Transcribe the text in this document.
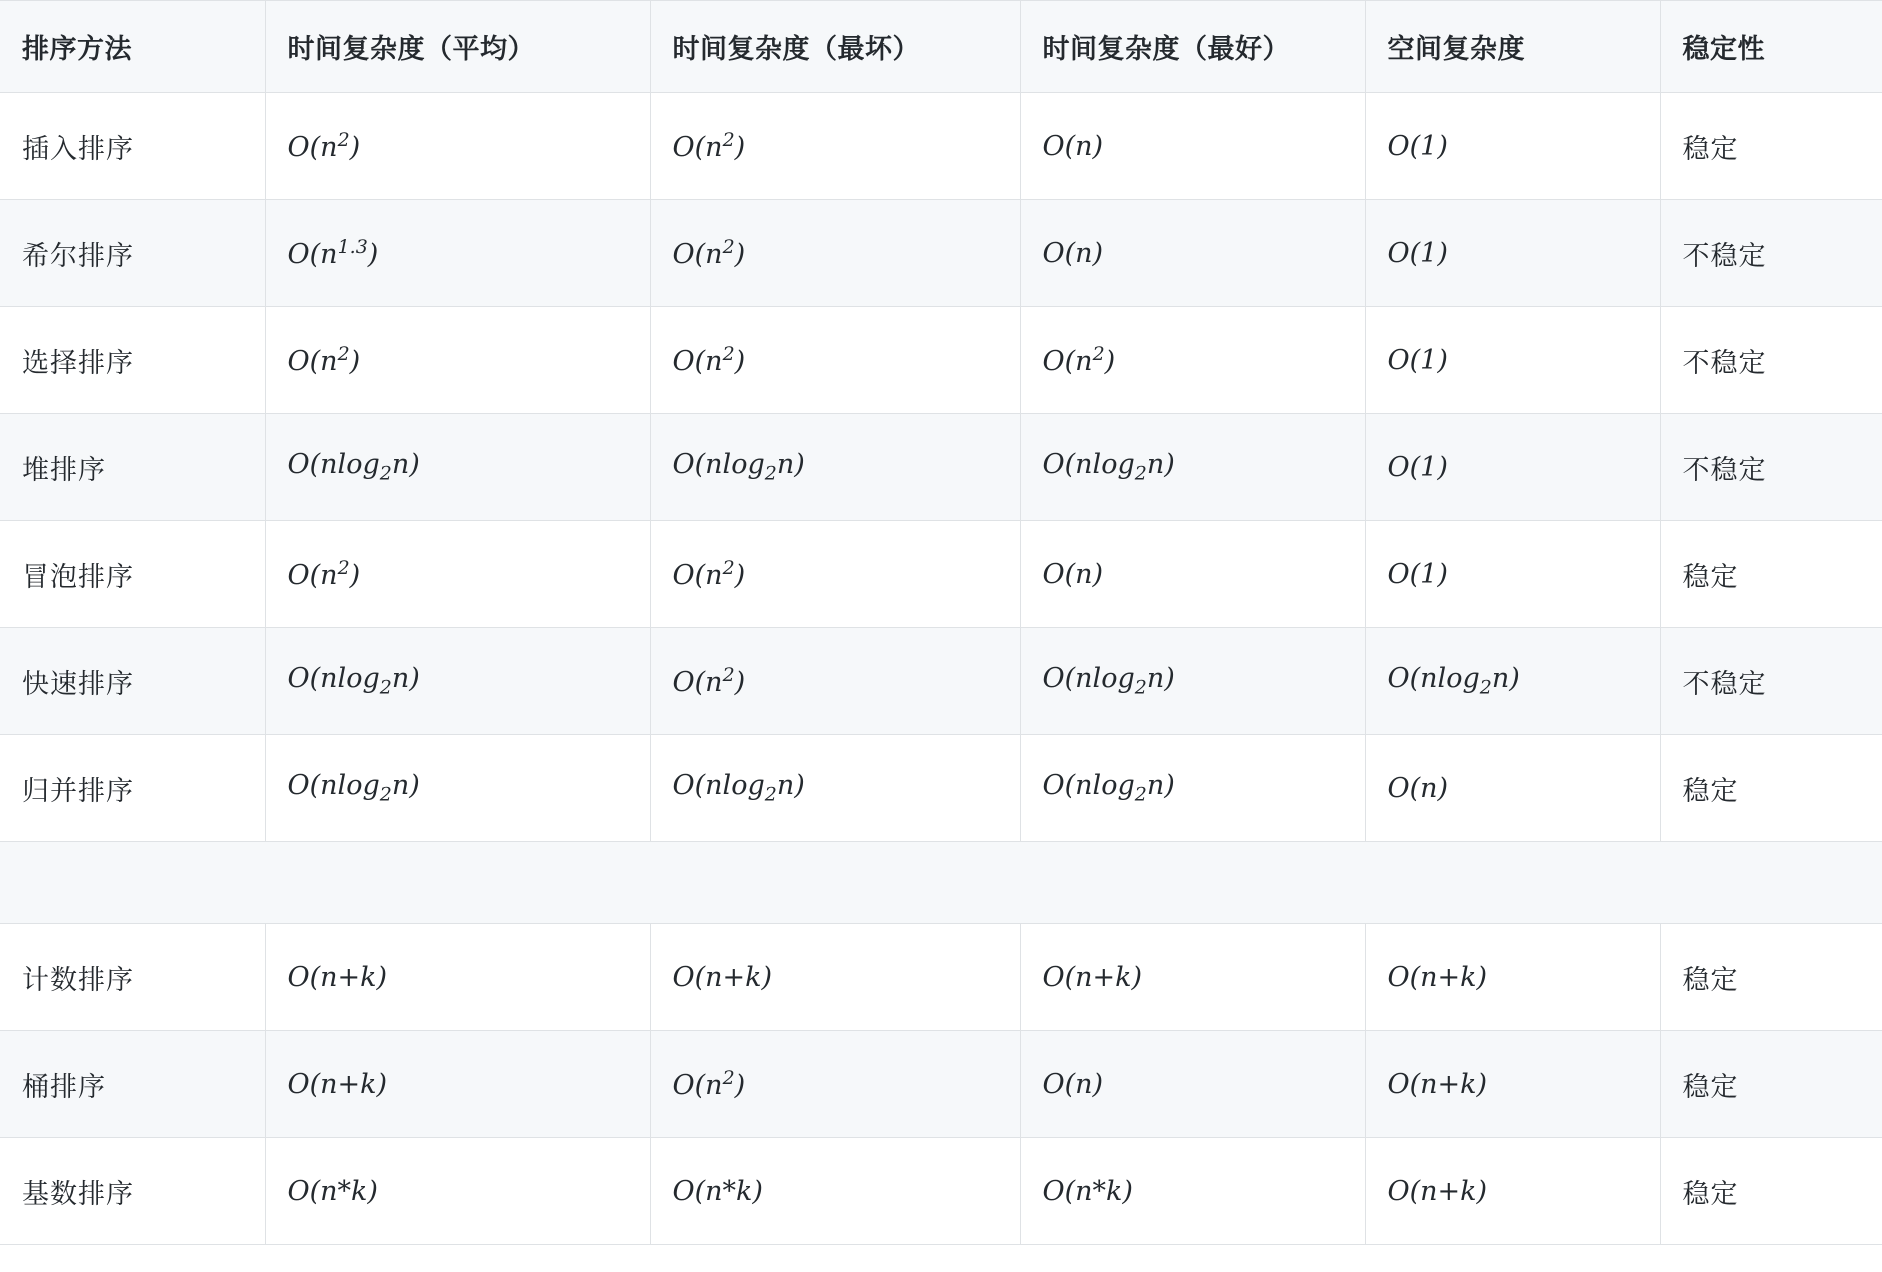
排序方法	时间复杂度（平均）	时间复杂度（最坏）	时间复杂度（最好）	空间复杂度	稳定性
插入排序	$O(n^2)$	$O(n^2)$	O(n)	O(1)	稳定
希尔排序	$O(n^{1.3})$	$O(n^2)$	O(n)	O(1)	不稳定
选择排序	$O(n^2)$	$O(n^2)$	$O(n^2)$	O(1)	不稳定
堆排序	O(nlog$_2$n)	O(nlog$_2$n)	O(nlog$_2$n)	O(1)	不稳定
冒泡排序	$O(n^2)$	$O(n^2)$	O(n)	O(1)	稳定
快速排序	O(nlog$_2$n)	$O(n^2)$	O(nlog$_2$n)	O(nlog$_2$n)	不稳定
归并排序	O(nlog$_2$n)	O(nlog$_2$n)	O(nlog$_2$n)	O(n)	稳定

计数排序	O(n+k)	O(n+k)	O(n+k)	O(n+k)	稳定
桶排序	O(n+k)	$O(n^2)$	O(n)	O(n+k)	稳定
基数排序	O(n*k)	O(n*k)	O(n*k)	O(n+k)	稳定
